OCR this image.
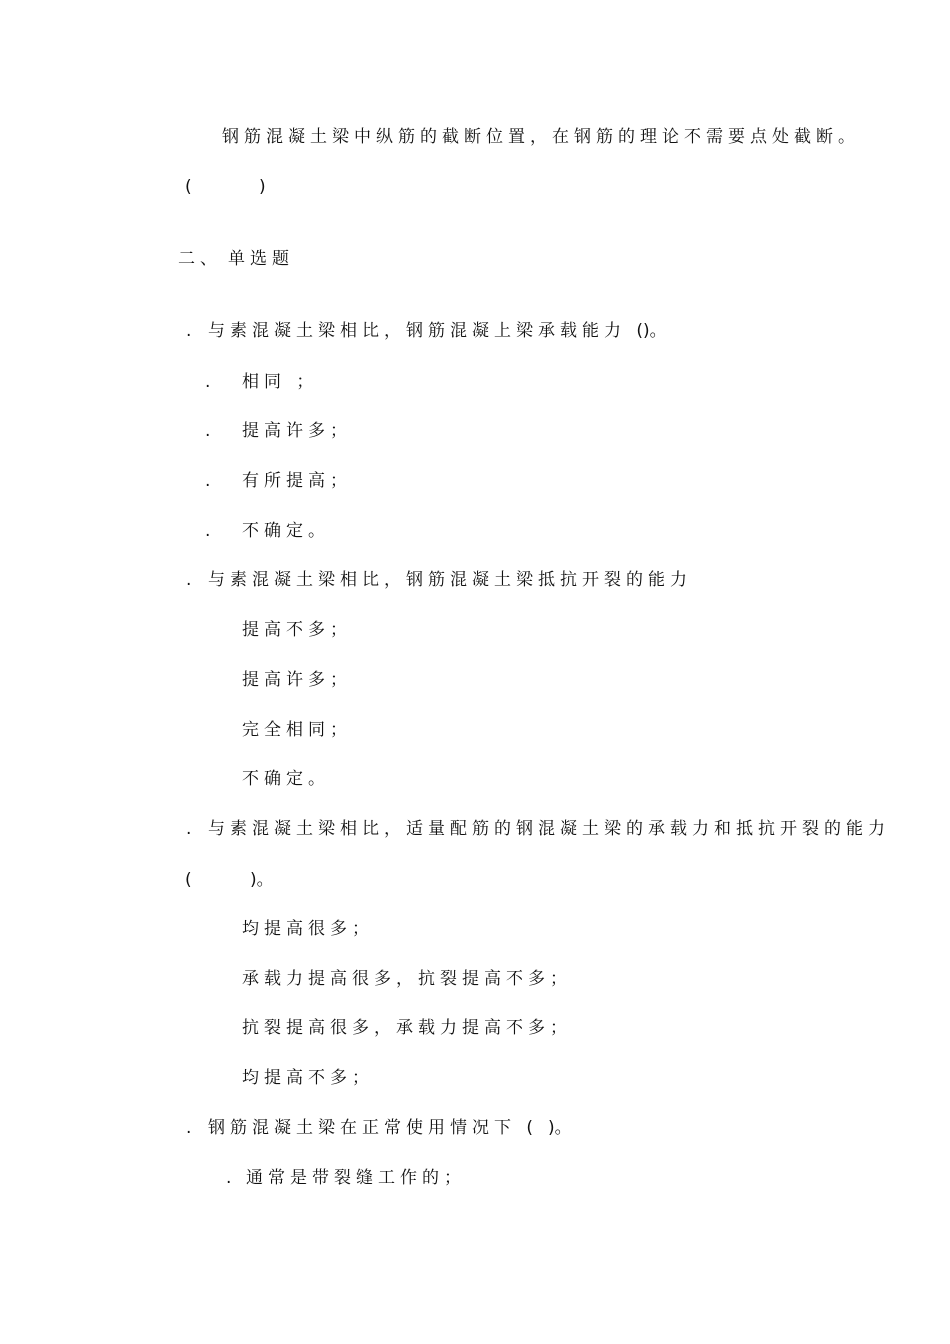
钢筋混凝土梁中纵筋的截断位置，在钢筋的理论不需要点处截断。
(	)
二、 单选题
. 与素混凝土梁相比，钢筋混凝上梁承载能力 (
)。
. 相同 ；
. 提高许多；
. 有所提高；
. 不确定。
. 与素混凝土梁相比，钢筋混凝土梁抵抗开裂的能力
提高不多；
提高许多；
完全相同；
不确定。
. 与素混凝土梁相比，适量配筋的钢混凝土梁的承载力和抵抗开裂的能力
(	)。
均提高很多；
承载力提高很多，抗裂提高不多；
抗裂提高很多，承载力提高不多；
均提高不多；
. 钢筋混凝土梁在正常使用情况下 ( )。
. 通常是带裂缝工作的；
